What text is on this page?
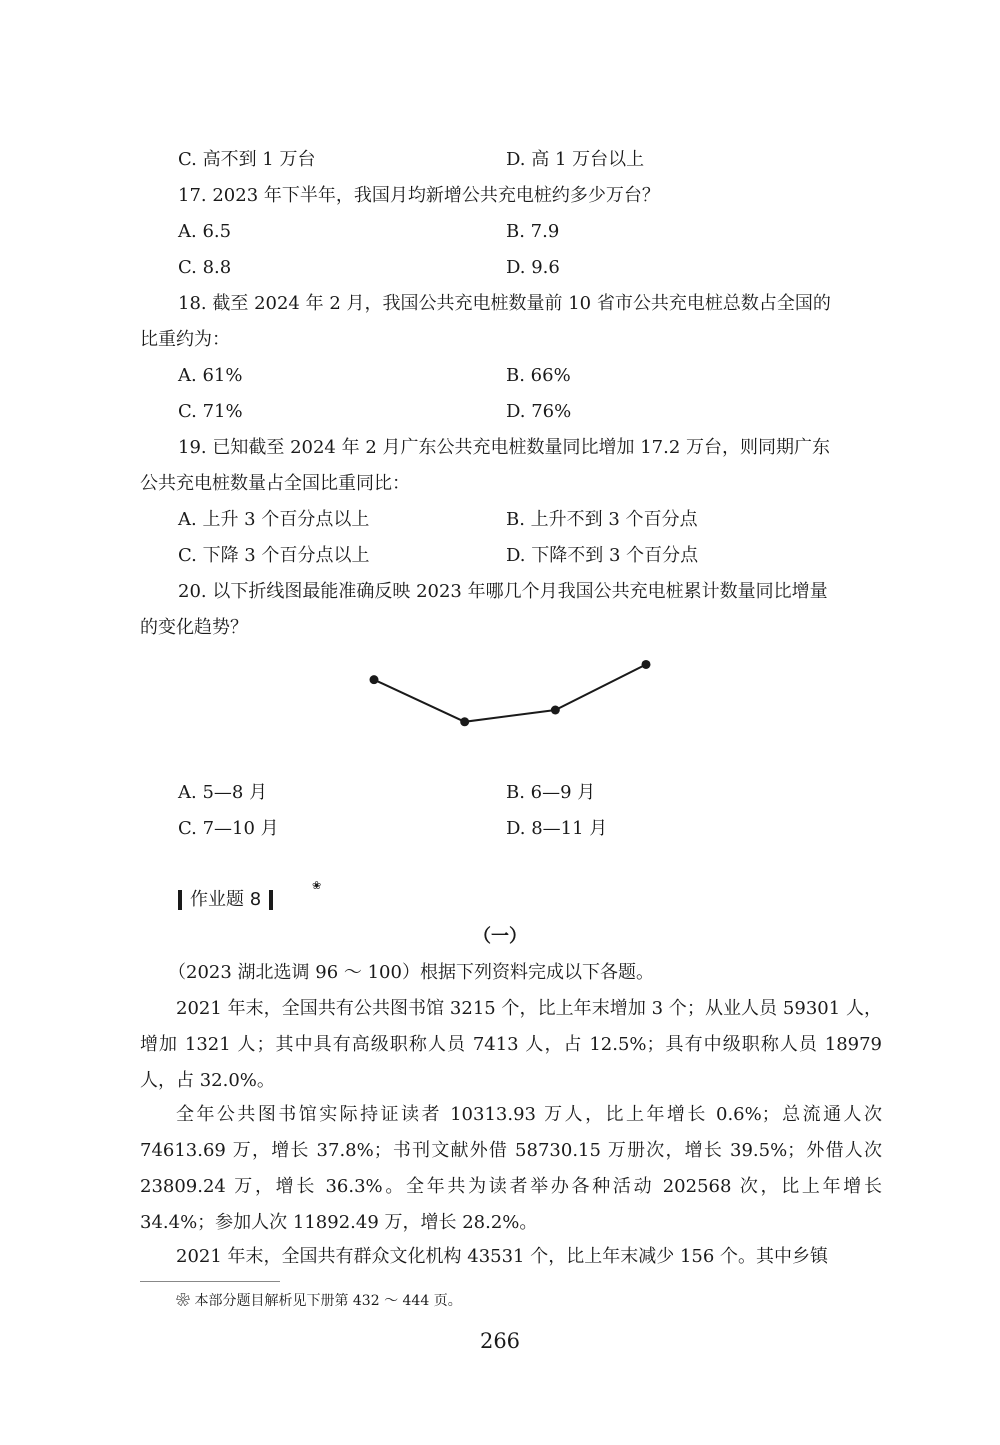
C. 高不到 1 万台	D. 高 1 万台以上
17. 2023 年下半年，我国月均新增公共充电桩约多少万台？
A. 6.5	B. 7.9
C. 8.8	D. 9.6
18. 截至 2024 年 2 月，我国公共充电桩数量前 10 省市公共充电桩总数占全国的
比重约为：
A. 61%	B. 66%
C. 71%	D. 76%
19. 已知截至 2024 年 2 月广东公共充电桩数量同比增加 17.2 万台，则同期广东
公共充电桩数量占全国比重同比：
A. 上升 3 个百分点以上	B. 上升不到 3 个百分点
C. 下降 3 个百分点以上	D. 下降不到 3 个百分点
20. 以下折线图最能准确反映 2023 年哪几个月我国公共充电桩累计数量同比增量
的变化趋势？
A. 5—8 月	B. 6—9 月
C. 7—10 月	D. 8—11 月
作业题 8
❀
（一）
（2023 湖北选调 96 ～ 100）根据下列资料完成以下各题。
2021 年末，全国共有公共图书馆 3215 个，比上年末增加 3 个；从业人员 59301 人，增加 1321 人；其中具有高级职称人员 7413 人，占 12.5%；具有中级职称人员 18979 人，占 32.0%。
全年公共图书馆实际持证读者 10313.93 万人，比上年增长 0.6%；总流通人次 74613.69 万，增长 37.8%；书刊文献外借 58730.15 万册次，增长 39.5%；外借人次 23809.24 万，增长 36.3%。全年共为读者举办各种活动 202568 次，比上年增长 34.4%；参加人次 11892.49 万，增长 28.2%。
2021 年末，全国共有群众文化机构 43531 个，比上年末减少 156 个。其中乡镇
❀ 本部分题目解析见下册第 432 ～ 444 页。
266
